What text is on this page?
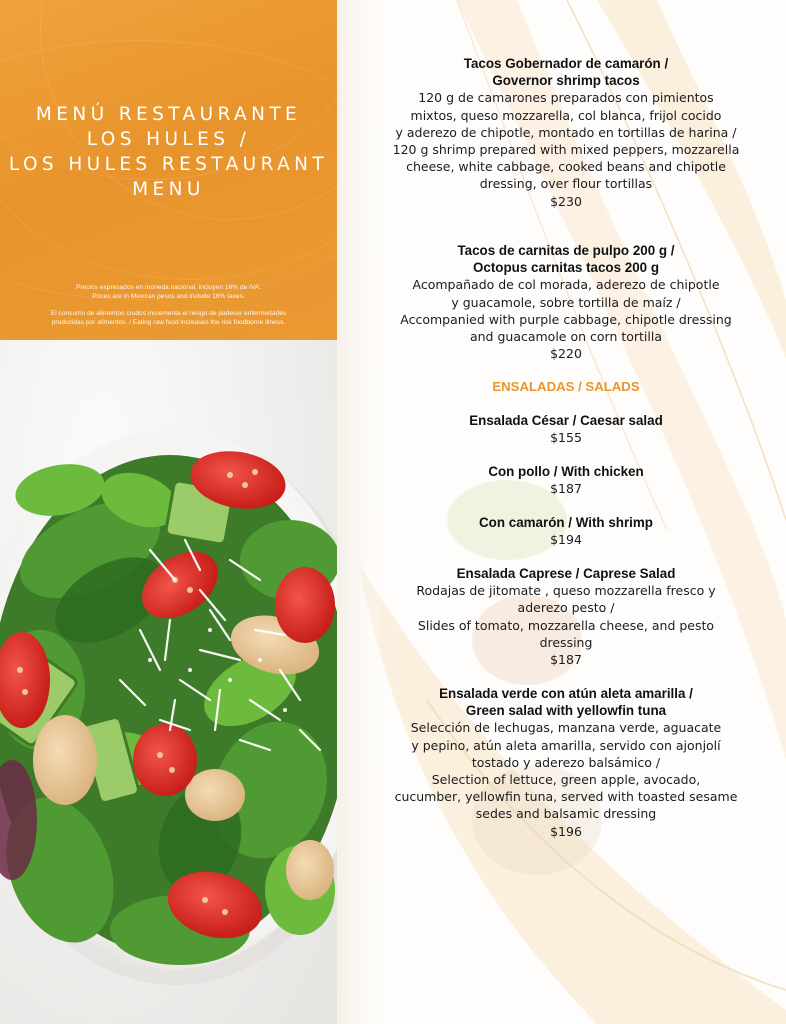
MENÚ RESTAURANTE
LOS HULES /
LOS HULES RESTAURANT
MENU

Precios expresados en moneda nacional, incluyen 16% de IVA.
Prices are in Mexican pesos and include 16% taxes.

El consumo de alimentos crudos incrementa el riesgo de padecer enfermedades
producidas por alimentos. / Eating raw food increases the risk foodborne illness.

Tacos Gobernador de camarón /
Governor shrimp tacos
120 g de camarones preparados con pimientos
mixtos, queso mozzarella, col blanca, frijol cocido
y aderezo de chipotle, montado en tortillas de harina /
120 g shrimp prepared with mixed peppers, mozzarella
cheese, white cabbage, cooked beans and chipotle
dressing, over flour tortillas
$230
Tacos de carnitas de pulpo 200 g /
Octopus carnitas tacos 200 g
Acompañado de col morada, aderezo de chipotle
y guacamole, sobre tortilla de maíz /
Accompanied with purple cabbage, chipotle dressing
and guacamole on corn tortilla
$220
ENSALADAS / SALADS
Ensalada César / Caesar salad
$155
Con pollo / With chicken
$187
Con camarón / With shrimp
$194
Ensalada Caprese / Caprese Salad
Rodajas de jitomate , queso mozzarella fresco y
aderezo pesto /
Slides of tomato, mozzarella cheese, and pesto
dressing
$187
Ensalada verde con atún aleta amarilla /
Green salad with yellowfin tuna
Selección de lechugas, manzana verde, aguacate
y pepino, atún aleta amarilla, servido con ajonjolí
tostado y aderezo balsámico /
Selection of lettuce, green apple, avocado,
cucumber, yellowfin tuna, served with toasted sesame
sedes and balsamic dressing
$196
